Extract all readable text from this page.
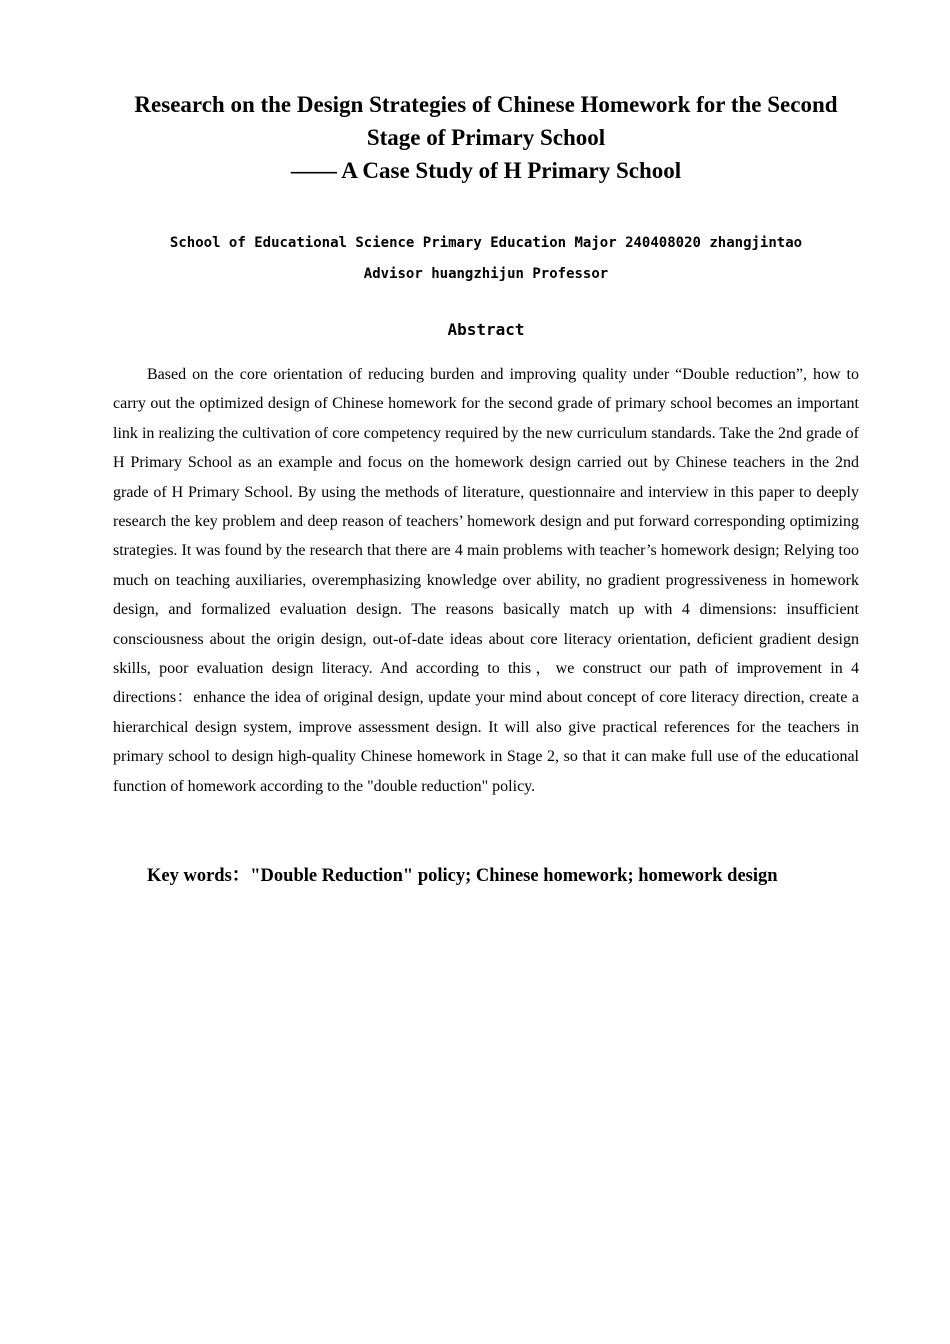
Research on the Design Strategies of Chinese Homework for the Second
Stage of Primary School
—— A Case Study of H Primary School
School of Educational Science Primary Education Major 240408020 zhangjintao
Advisor huangzhijun Professor
Abstract

Based on the core orientation of reducing burden and improving quality under “Double reduction”, how to carry out the optimized design of Chinese homework for the second grade of primary school becomes an important link in realizing the cultivation of core competency required by the new curriculum standards. Take the 2nd grade of H Primary School as an example and focus on the homework design carried out by Chinese teachers in the 2nd grade of H Primary School. By using the methods of literature, questionnaire and interview in this paper to deeply research the key problem and deep reason of teachers’ homework design and put forward corresponding optimizing strategies. It was found by the research that there are 4 main problems with teacher’s homework design; Relying too much on teaching auxiliaries, overemphasizing knowledge over ability, no gradient progressiveness in homework design, and formalized evaluation design. The reasons basically match up with 4 dimensions: insufficient consciousness about the origin design, out-of-date ideas about core literacy orientation, deficient gradient design skills, poor evaluation design literacy. And according to this，we construct our path of improvement in 4 directions：enhance the idea of original design, update your mind about concept of core literacy direction, create a hierarchical design system, improve assessment design. It will also give practical references for the teachers in primary school to design high-quality Chinese homework in Stage 2, so that it can make full use of the educational function of homework according to the "double reduction" policy.

Key words："Double Reduction" policy; Chinese homework; homework design
